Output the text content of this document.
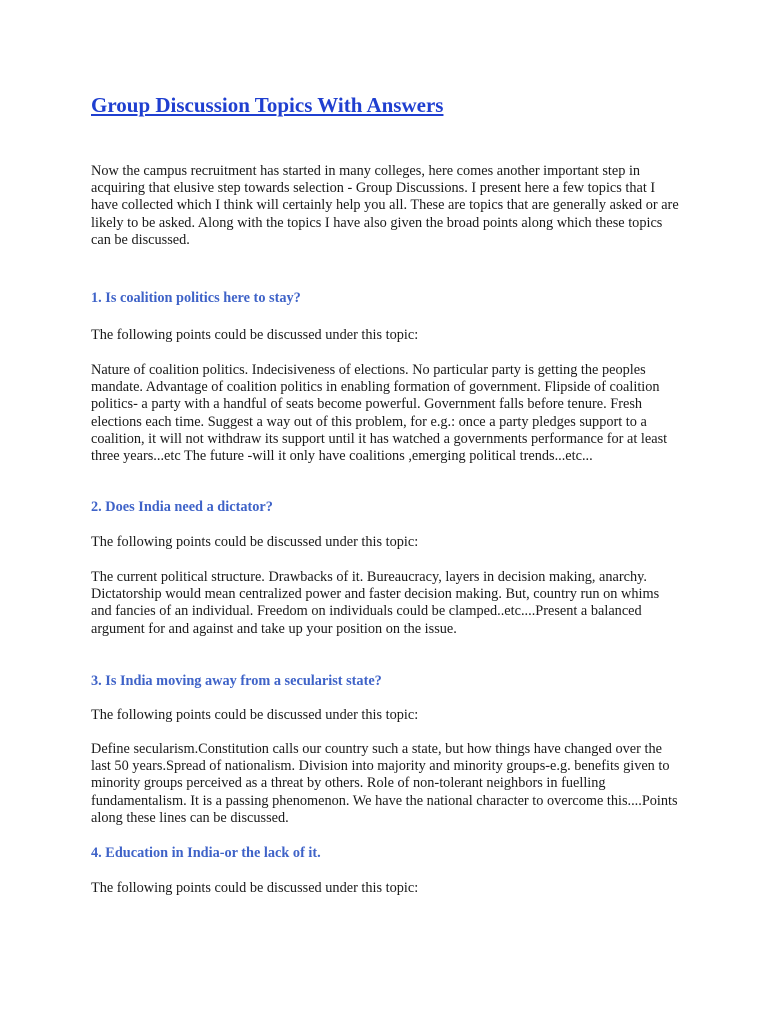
Group Discussion Topics With Answers

Now the campus recruitment has started in many colleges, here comes another important step in acquiring that elusive step towards selection - Group Discussions. I present here a few topics that I have collected which I think will certainly help you all. These are topics that are generally asked or are likely to be asked. Along with the topics I have also given the broad points along which these topics can be discussed.

1. Is coalition politics here to stay?

The following points could be discussed under this topic:

Nature of coalition politics. Indecisiveness of elections. No particular party is getting the peoples mandate. Advantage of coalition politics in enabling formation of government. Flipside of coalition politics- a party with a handful of seats become powerful. Government falls before tenure. Fresh elections each time. Suggest a way out of this problem, for e.g.: once a party pledges support to a coalition, it will not withdraw its support until it has watched a governments performance for at least three years...etc The future -will it only have coalitions ,emerging political trends...etc...

2. Does India need a dictator?

The following points could be discussed under this topic:

The current political structure. Drawbacks of it. Bureaucracy, layers in decision making, anarchy. Dictatorship would mean centralized power and faster decision making. But, country run on whims and fancies of an individual. Freedom on individuals could be clamped..etc....Present a balanced argument for and against and take up your position on the issue.

3. Is India moving away from a secularist state?

The following points could be discussed under this topic:

Define secularism.Constitution calls our country such a state, but how things have changed over the last 50 years.Spread of nationalism. Division into majority and minority groups-e.g. benefits given to minority groups perceived as a threat by others. Role of non-tolerant neighbors in fuelling fundamentalism. It is a passing phenomenon. We have the national character to overcome this....Points along these lines can be discussed.

4. Education in India-or the lack of it.

The following points could be discussed under this topic:
